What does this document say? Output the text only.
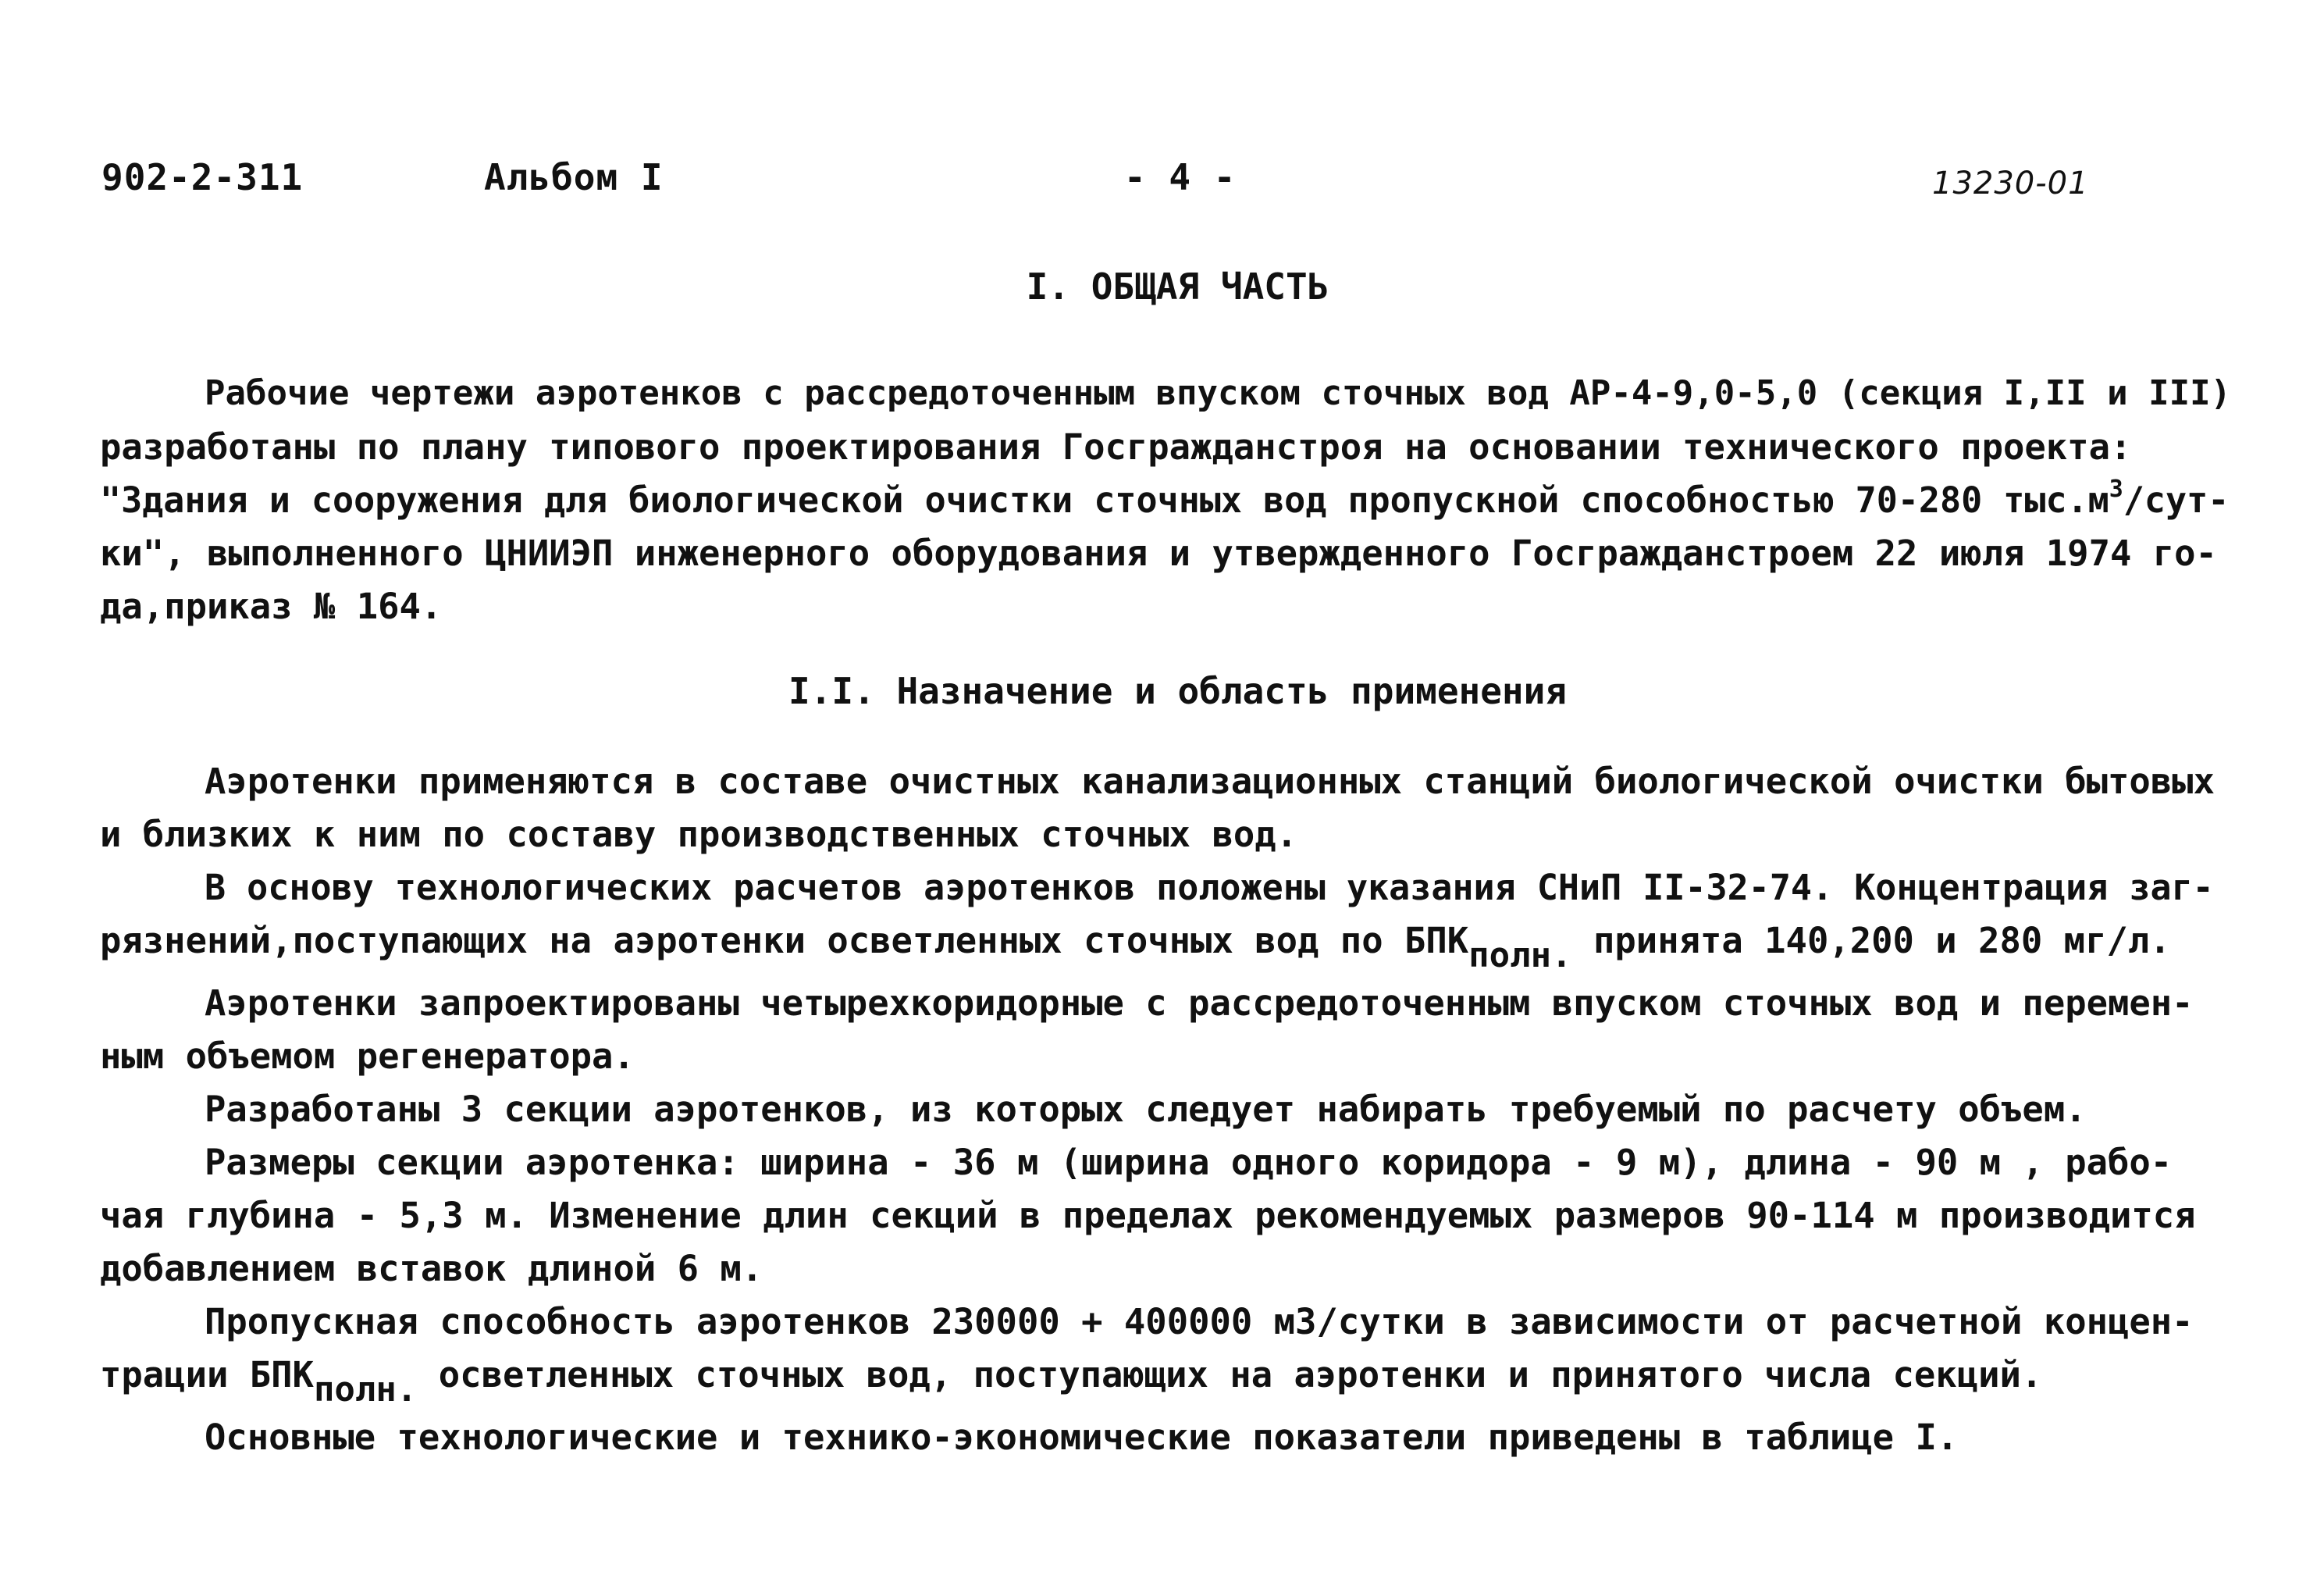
902-2-311	Альбом I	- 4 -	13230-01
I. ОБЩАЯ ЧАСТЬ
Рабочие чертежи аэротенков с рассредоточенным впуском сточных вод АР-4-9,0-5,0 (секция I,II и III)
разработаны по плану типового проектирования Госгражданстроя на основании технического проекта:
"Здания и сооружения для биологической очистки сточных вод пропускной способностью 70-280 $тыс.м^3/сут-$
ки", выполненного ЦНИИЭП инженерного оборудования и утвержденного Госгражданстроем 22 июля 1974 го-
да,приказ № 164.
I.I. Назначение и область применения
Аэротенки применяются в составе очистных канализационных станций биологической очистки бытовых
и близких к ним по составу производственных сточных вод.
В основу технологических расчетов аэротенков положены указания СНиП II-32-74. Концентрация заг-
рязнений,поступающих на аэротенки осветленных сточных вод по БПКполн. принята 140,200 и 280 мг/л.
Аэротенки запроектированы четырехкоридорные с рассредоточенным впуском сточных вод и перемен-
ным объемом регенератора.
Разработаны 3 секции аэротенков, из которых следует набирать требуемый по расчету объем.
Размеры секции аэротенка: ширина - 36 м (ширина одного коридора - 9 м), длина - 90 м , рабо-
чая глубина - 5,3 м. Изменение длин секций в пределах рекомендуемых размеров 90-114 м производится
добавлением вставок длиной 6 м.
Пропускная способность аэротенков 230000 + 400000 м3/сутки в зависимости от расчетной концен-
трации БПКполн. осветленных сточных вод, поступающих на аэротенки и принятого числа секций.
Основные технологические и технико-экономические показатели приведены в таблице I.
